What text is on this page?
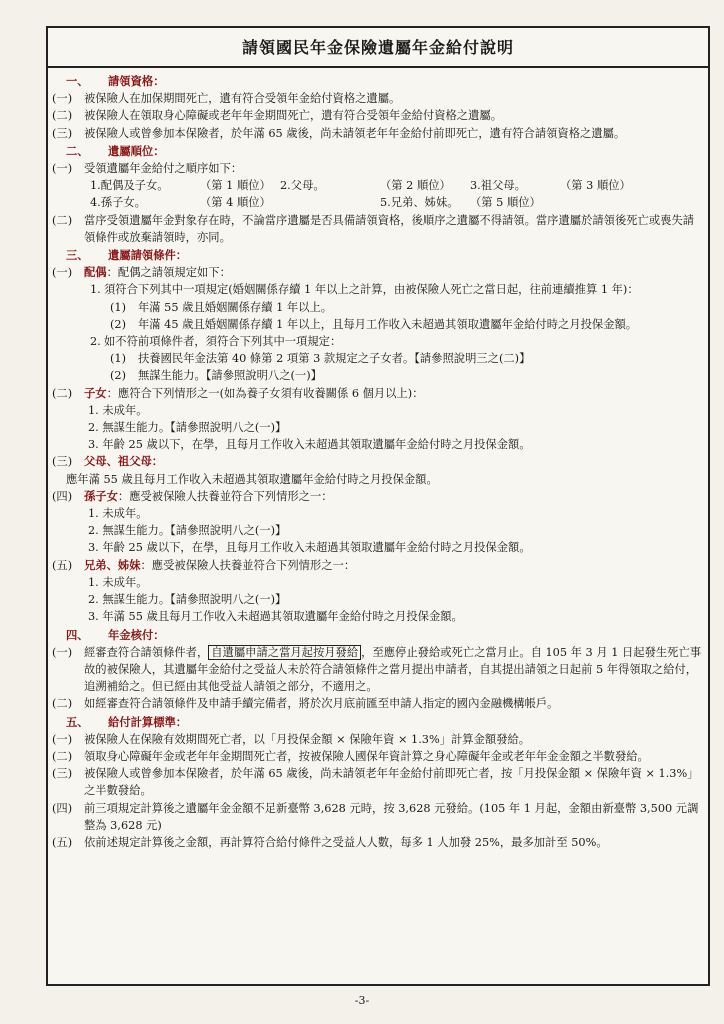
請領國民年金保險遺屬年金給付說明
一、	請領資格：
(一)	被保險人在加保期間死亡，遺有符合受領年金給付資格之遺屬。
(二)	被保險人在領取身心障礙或老年年金期間死亡，遺有符合受領年金給付資格之遺屬。
(三)	被保險人或曾參加本保險者，於年滿 65 歲後，尚未請領老年年金給付前即死亡，遺有符合請領資格之遺屬。
二、	遺屬順位：
(一)	受領遺屬年金給付之順序如下：
1.配偶及子女。	（第 1 順位） 2.父母。	（第 2 順位）	3.祖父母。	（第 3 順位）
4.孫子女。	（第 4 順位）	5.兄弟、姊妹。	（第 5 順位）
(二)	當序受領遺屬年金對象存在時，不論當序遺屬是否具備請領資格，後順序之遺屬不得請領。當序遺屬於請領後死亡或喪失請領條件或放棄請領時，亦同。
三、	遺屬請領條件：
(一)	配偶：配偶之請領規定如下：
1. 須符合下列其中一項規定(婚姻關係存續 1 年以上之計算，由被保險人死亡之當日起，往前連續推算 1 年)：
(1)	年滿 55 歲且婚姻關係存續 1 年以上。
(2)	年滿 45 歲且婚姻關係存續 1 年以上，且每月工作收入未超過其領取遺屬年金給付時之月投保金額。
2. 如不符前項條件者，須符合下列其中一項規定：
(1)	扶養國民年金法第 40 條第 2 項第 3 款規定之子女者。【請參照說明三之(二)】
(2)	無謀生能力。【請參照說明八之(一)】
(二)	子女：應符合下列情形之一(如為養子女須有收養關係 6 個月以上)：
1. 未成年。
2. 無謀生能力。【請參照說明八之(一)】
3. 年齡 25 歲以下，在學，且每月工作收入未超過其領取遺屬年金給付時之月投保金額。
(三)	父母、祖父母：
應年滿 55 歲且每月工作收入未超過其領取遺屬年金給付時之月投保金額。
(四)	孫子女：應受被保險人扶養並符合下列情形之一：
1. 未成年。
2. 無謀生能力。【請參照說明八之(一)】
3. 年齡 25 歲以下，在學，且每月工作收入未超過其領取遺屬年金給付時之月投保金額。
(五)	兄弟、姊妹：應受被保險人扶養並符合下列情形之一：
1. 未成年。
2. 無謀生能力。【請參照說明八之(一)】
3. 年滿 55 歲且每月工作收入未超過其領取遺屬年金給付時之月投保金額。
四、	年金核付：
(一)	經審查符合請領條件者， 自遺屬申請之當月起按月發給 ，至應停止發給或死亡之當月止。自 105 年 3 月 1 日起發生死亡事故的被保險人，其遺屬年金給付之受益人未於符合請領條件之當月提出申請者，自其提出請領之日起前 5 年得領取之給付，追溯補給之。但已經由其他受益人請領之部分，不適用之。
(二)	如經審查符合請領條件及申請手續完備者，將於次月底前匯至申請人指定的國內金融機構帳戶。
五、	給付計算標準：
(一)	被保險人在保險有效期間死亡者，以「月投保金額 × 保險年資 × 1.3%」計算金額發給。
(二)	領取身心障礙年金或老年年金期間死亡者，按被保險人國保年資計算之身心障礙年金或老年年金金額之半數發給。
(三)	被保險人或曾參加本保險者，於年滿 65 歲後，尚未請領老年年金給付前即死亡者，按「月投保金額 × 保險年資 × 1.3%」之半數發給。
(四)	前三項規定計算後之遺屬年金金額不足新臺幣 3,628 元時，按 3,628 元發給。(105 年 1 月起，金額由新臺幣 3,500 元調整為 3,628 元)
(五)	依前述規定計算後之金額，再計算符合給付條件之受益人人數，每多 1 人加發 25%，最多加計至 50%。
-3-
